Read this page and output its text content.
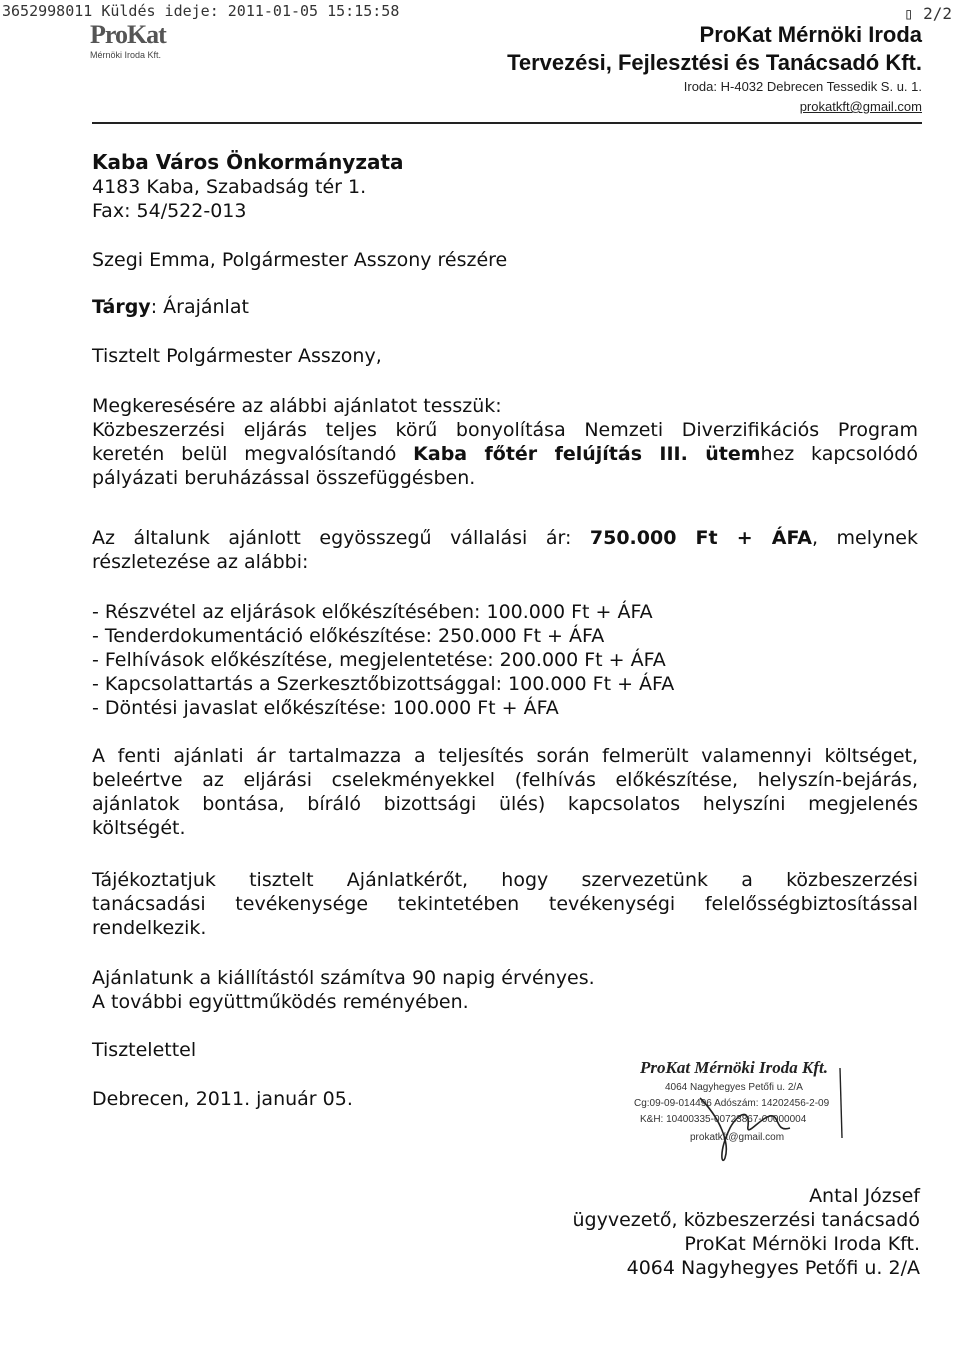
3652998011 Küldés ideje: 2011-01-05 15:15:58	▯ 2/2
ProKat
Mérnöki Iroda Kft.
ProKat Mérnöki Iroda
Tervezési, Fejlesztési és Tanácsadó Kft.
Iroda: H-4032 Debrecen Tessedik S. u. 1.
prokatkft@gmail.com
Kaba Város Önkormányzata
4183 Kaba, Szabadság tér 1.
Fax: 54/522-013
Szegi Emma, Polgármester Asszony részére
Tárgy: Árajánlat
Tisztelt Polgármester Asszony,
Megkeresésére az alábbi ajánlatot tesszük:
Közbeszerzési eljárás teljes körű bonyolítása Nemzeti Diverzifikációs Program
keretén belül megvalósítandó Kaba főtér felújítás III. ütemhez kapcsolódó
pályázati beruházással összefüggésben.
Az általunk ajánlott egyösszegű vállalási ár: 750.000 Ft + ÁFA, melynek
részletezése az alábbi:
- Részvétel az eljárások előkészítésében: 100.000 Ft + ÁFA
- Tenderdokumentáció előkészítése: 250.000 Ft + ÁFA
- Felhívások előkészítése, megjelentetése: 200.000 Ft + ÁFA
- Kapcsolattartás a Szerkesztőbizottsággal: 100.000 Ft + ÁFA
- Döntési javaslat előkészítése: 100.000 Ft + ÁFA
A fenti ajánlati ár tartalmazza a teljesítés során felmerült valamennyi költséget,
beleértve az eljárási cselekményekkel (felhívás előkészítése, helyszín-bejárás,
ajánlatok bontása, bíráló bizottsági ülés) kapcsolatos helyszíni megjelenés
költségét.
Tájékoztatjuk tisztelt Ajánlatkérőt, hogy szervezetünk a közbeszerzési
tanácsadási tevékenysége tekintetében tevékenységi felelősségbiztosítással
rendelkezik.
Ajánlatunk a kiállítástól számítva 90 napig érvényes.
A további együttműködés reményében.
Tisztelettel
Debrecen, 2011. január 05.
ProKat Mérnöki Iroda Kft.
4064 Nagyhegyes Petőfi u. 2/A
Cg:09-09-014496 Adószám: 14202456-2-09
K&H: 10400335-00723867-00000004
prokatkft@gmail.com
Antal József
ügyvezető, közbeszerzési tanácsadó
ProKat Mérnöki Iroda Kft.
4064 Nagyhegyes Petőfi u. 2/A
